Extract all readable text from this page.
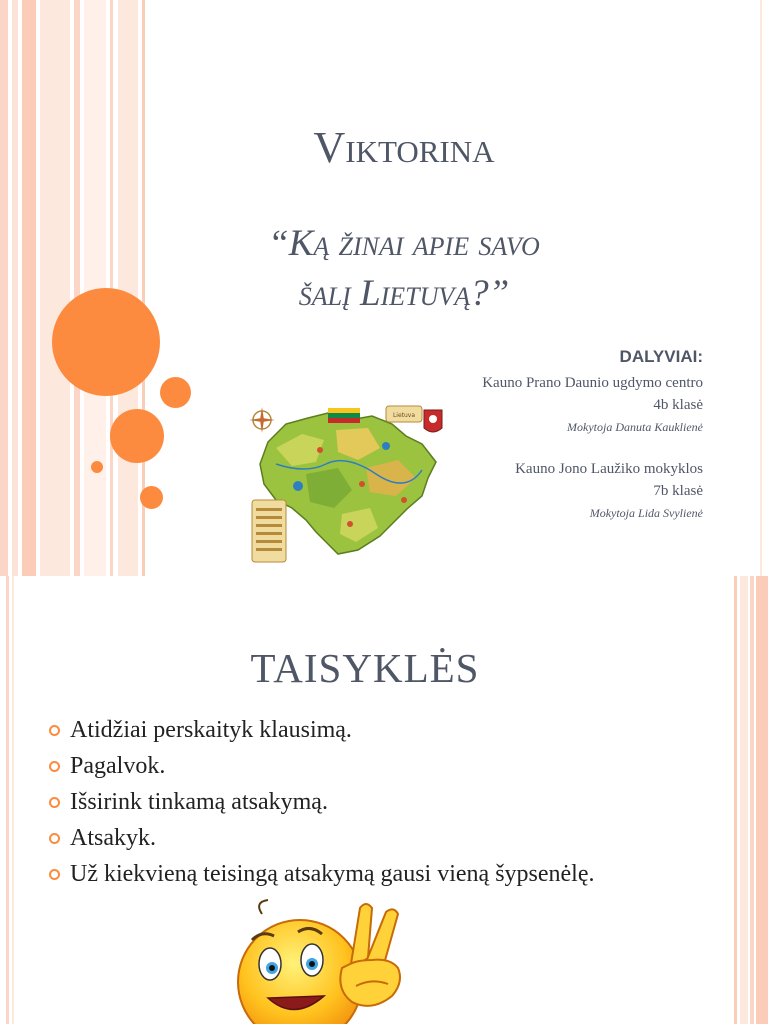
Viktorina
“Ką žinai apie savo
šalį Lietuvą?”
Lietuva
DALYVIAI:
Kauno Prano Daunio ugdymo centro
4b klasė
Mokytoja Danuta Kauklienė
Kauno Jono Laužiko mokyklos
7b klasė
Mokytoja Lida Svylienė
TAISYKLĖS
Atidžiai perskaityk klausimą.
Pagalvok.
Išsirink tinkamą atsakymą.
Atsakyk.
Už kiekvieną teisingą atsakymą gausi vieną šypsenėlę.
